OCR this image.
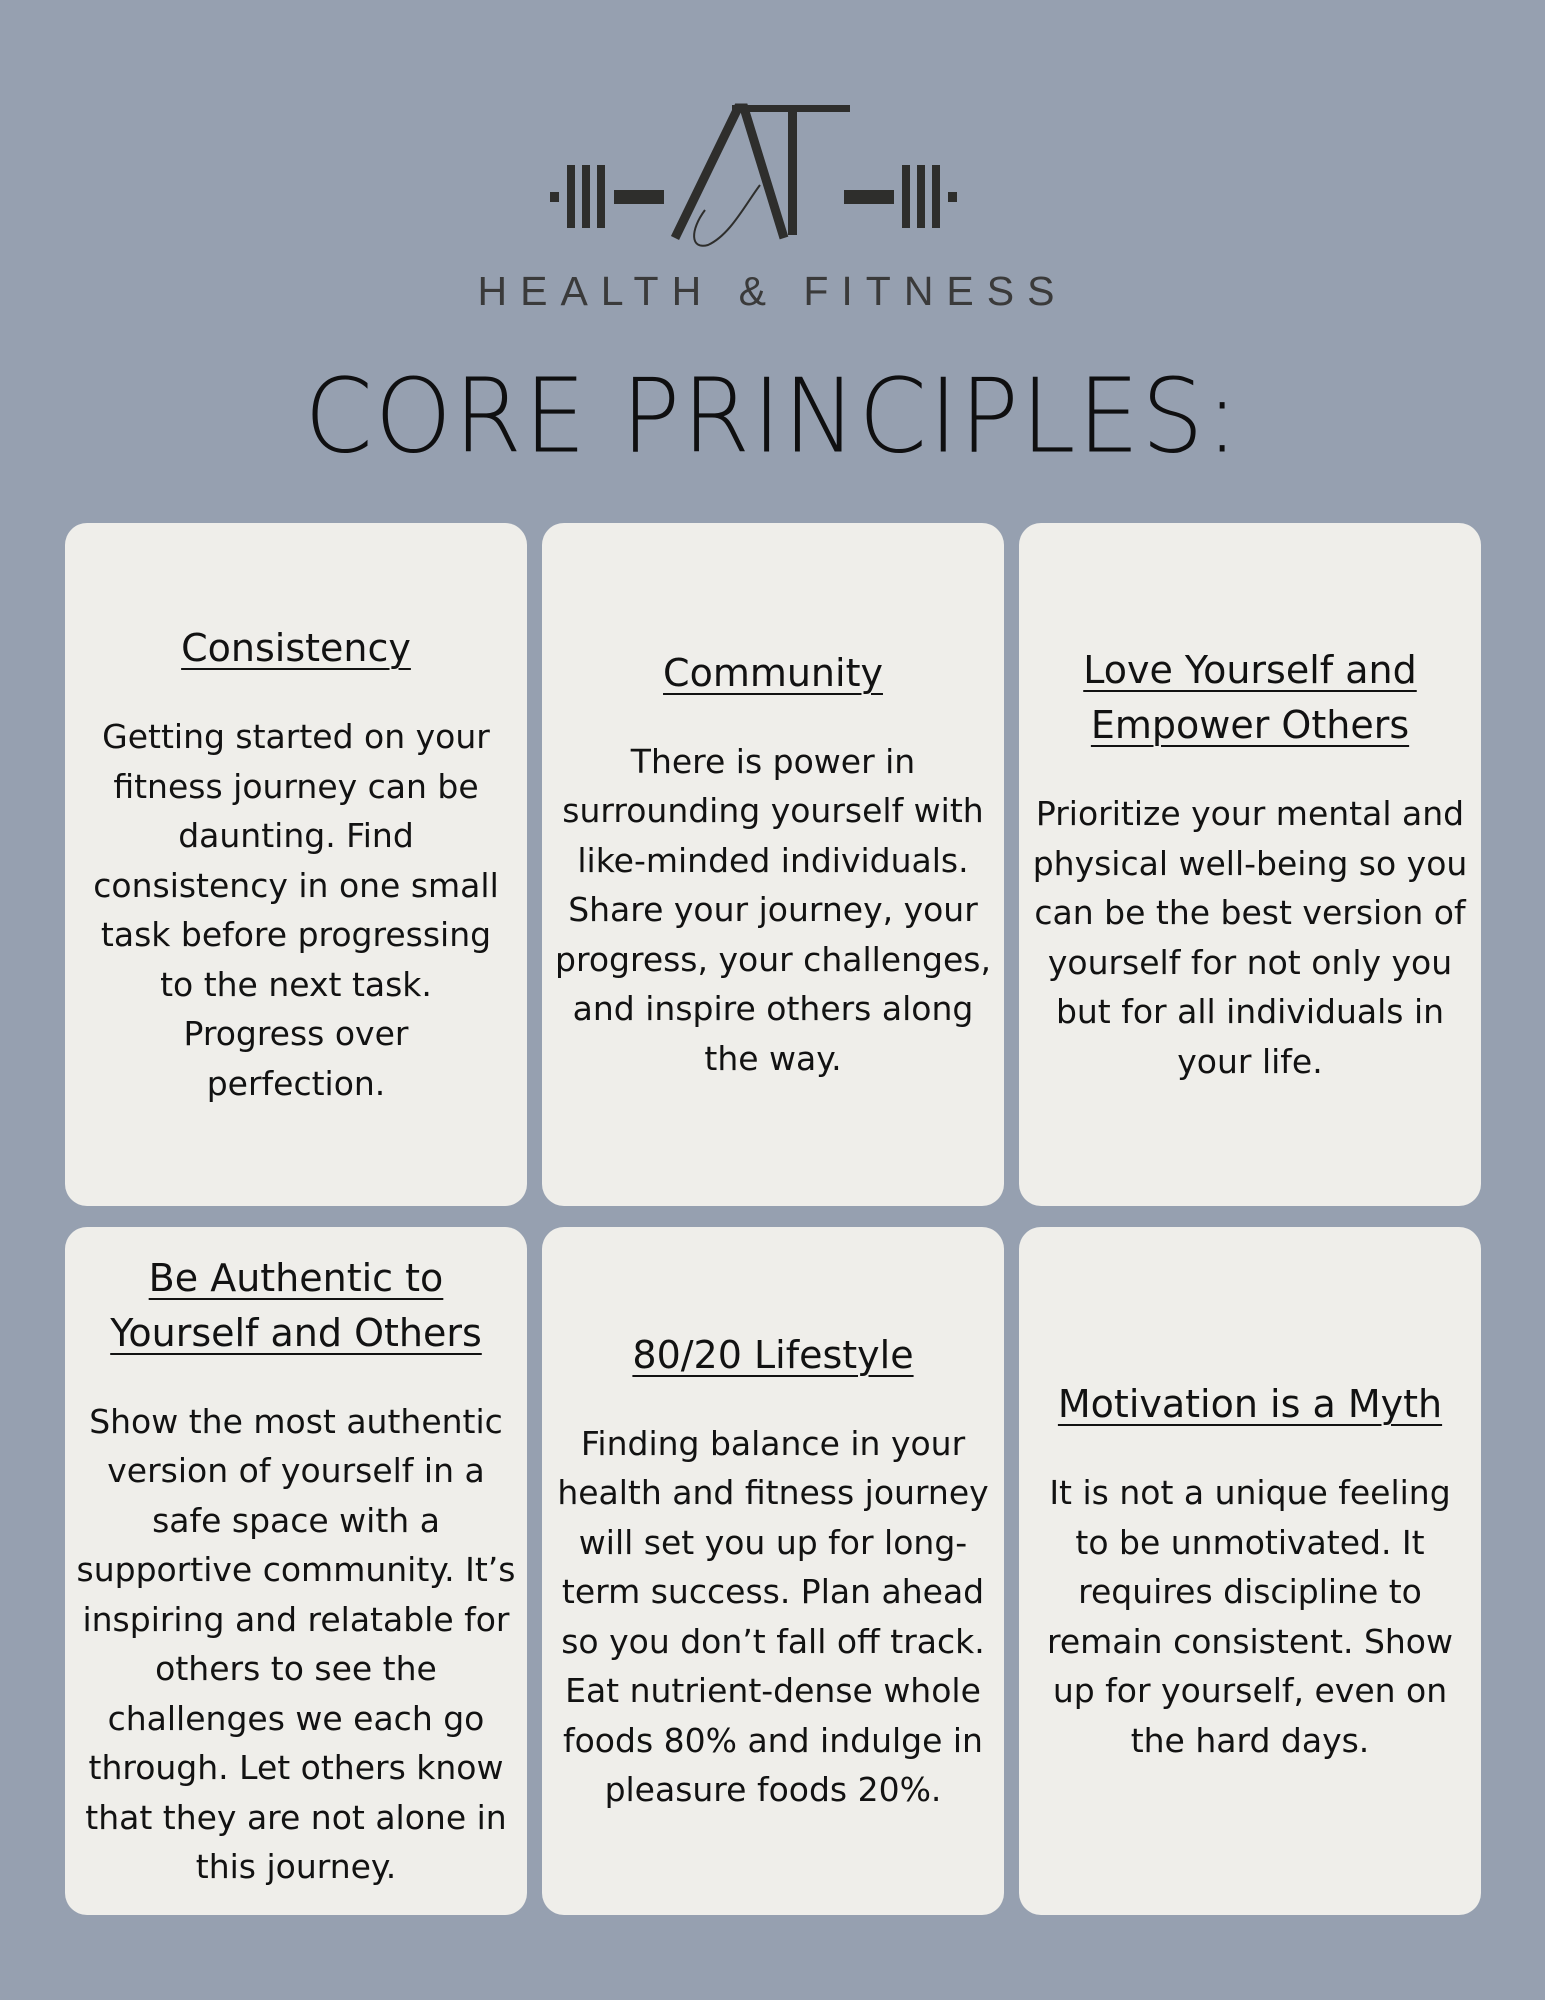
HEALTH & FITNESS
CORE PRINCIPLES:

Consistency

Getting started on your fitness journey can be daunting. Find consistency in one small task before progressing to the next task. Progress over perfection.

Community

There is power in surrounding yourself with like-minded individuals. Share your journey, your progress, your challenges, and inspire others along the way.

Love Yourself and Empower Others

Prioritize your mental and physical well-being so you can be the best version of yourself for not only you but for all individuals in your life.

Be Authentic to Yourself and Others

Show the most authentic version of yourself in a safe space with a supportive community. It’s inspiring and relatable for others to see the challenges we each go through. Let others know that they are not alone in this journey.

80/20 Lifestyle

Finding balance in your health and fitness journey will set you up for long-term success. Plan ahead so you don’t fall off track. Eat nutrient-dense whole foods 80% and indulge in pleasure foods 20%.

Motivation is a Myth

It is not a unique feeling to be unmotivated. It requires discipline to remain consistent. Show up for yourself, even on the hard days.
